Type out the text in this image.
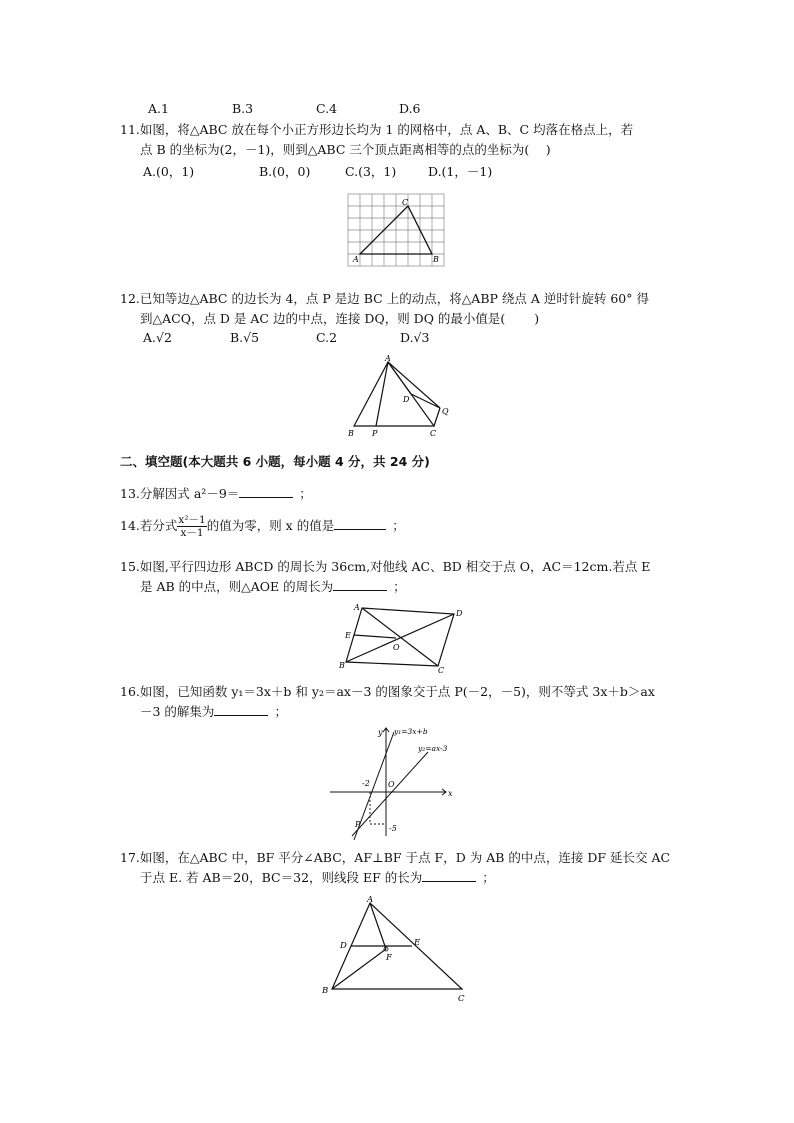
A.1	B.3	C.4	D.6
11.如图，将△ABC 放在每个小正方形边长均为 1 的网格中，点 A、B、C 均落在格点上，若
点 B 的坐标为(2，－1)，则到△ABC 三个顶点距离相等的点的坐标为(　 )
A.(0，1)	B.(0，0)	C.(3，1)	D.(1，－1)
A	B
C
12.已知等边△ABC 的边长为 4，点 P 是边 BC 上的动点，将△ABP 绕点 A 逆时针旋转 60° 得
到△ACQ，点 D 是 AC 边的中点，连接 DQ，则 DQ 的最小值是(　　 )
A.√2	B.√5	C.2	D.√3
A
B P	C
D
Q
二、填空题(本大题共 6 小题，每小题 4 分，共 24 分)
13.分解因式 a²－9＝	；
14.若分式 $\frac{\text{x²－1}}{x-1}$ 的值为零，则 x 的值是	；
15.如图,平行四边形 ABCD 的周长为 36cm,对他线 AC、BD 相交于点 O，AC＝12cm.若点 E
是 AB 的中点，则△AOE 的周长为	；
A
D
E
O
B
C
16.如图，已知函数 y₁＝3x＋b 和 y₂＝ax－3 的图象交于点 P(－2，－5)，则不等式 3x＋b＞ax
－3 的解集为	；
y y₁=3x+b
y₂=ax-3
-2 O
x
P	-5
17.如图，在△ABC 中，BF 平分∠ABC，AF⊥BF 于点 F，D 为 AB 的中点，连接 DF 延长交 AC
于点 E. 若 AB＝20，BC＝32，则线段 EF 的长为	；
A
D	E
F
B
C
